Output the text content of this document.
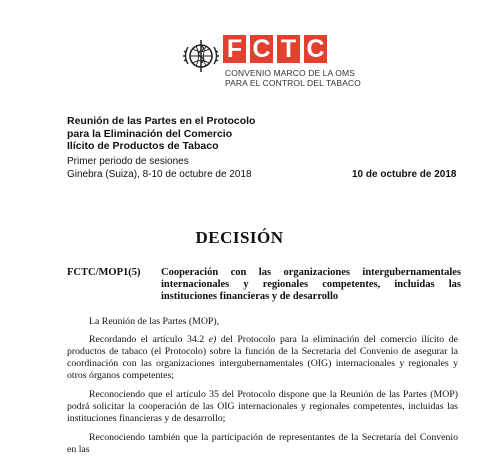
F C T C
CONVENIO MARCO DE LA OMS
PARA EL CONTROL DEL TABACO
Reunión de las Partes en el Protocolo
para la Eliminación del Comercio
Ilícito de Productos de Tabaco
Primer periodo de sesiones
Ginebra (Suiza), 8-10 de octubre de 2018	10 de octubre de 2018
DECISIÓN
FCTC/MOP1(5) Cooperación con las organizaciones intergubernamentales internacionales y regionales competentes, incluidas las instituciones financieras y de desarrollo
La Reunión de las Partes (MOP),
Recordando el artículo 34.2 e) del Protocolo para la eliminación del comercio ilícito de productos de tabaco (el Protocolo) sobre la función de la Secretaría del Convenio de asegurar la coordinación con las organizaciones intergubernamentales (OIG) internacionales y regionales y otros órganos competentes;
Reconociendo que el artículo 35 del Protocolo dispone que la Reunión de las Partes (MOP) podrá solicitar la cooperación de las OIG internacionales y regionales competentes, incluidas las instituciones financieras y de desarrollo;
Reconociendo también que la participación de representantes de la Secretaría del Convenio en las
